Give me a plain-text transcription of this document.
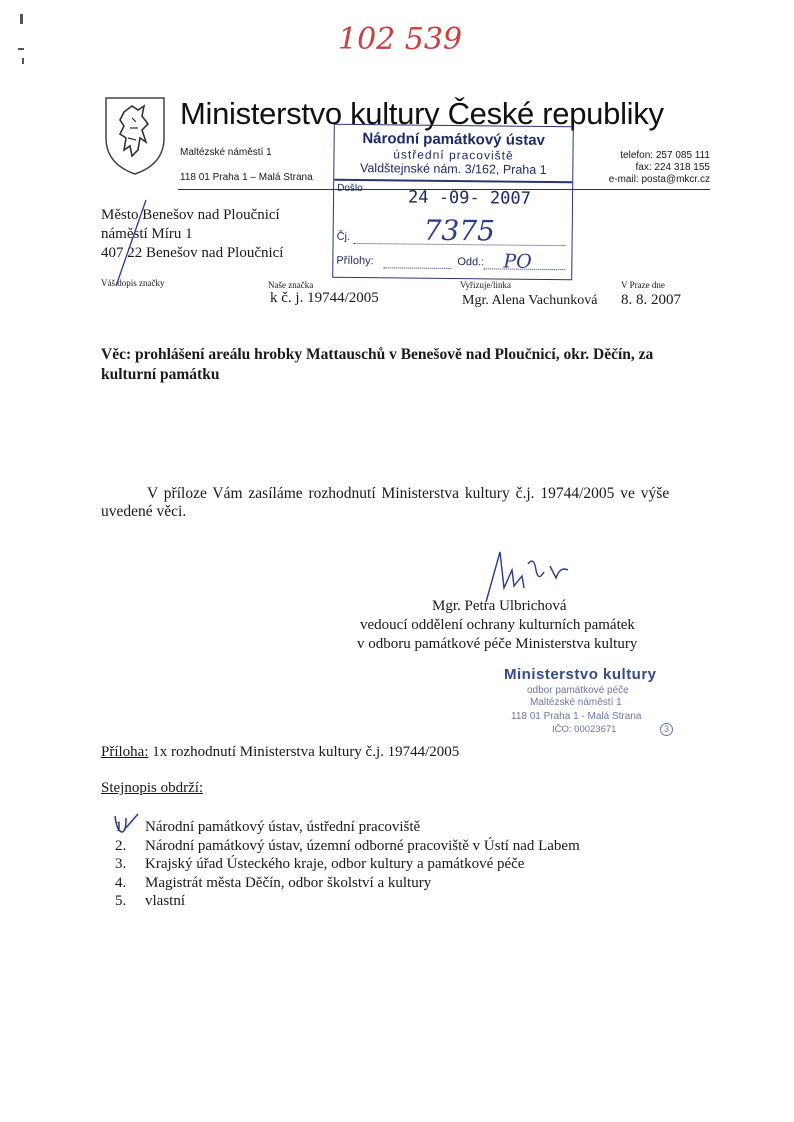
102 539
Ministerstvo kultury České republiky
Maltézské náměstí 1
118 01 Praha 1 – Malá Strana
telefon: 257 085 111
fax: 224 318 155
e-mail: posta@mkcr.cz
Národní památkový ústav
ústřední pracoviště
Valdštejnské nám. 3/162, Praha 1
Došlo	24 -09- 2007
Čj.	7375
Přílohy:	Odd.: PO
Město Benešov nad Ploučnicí
náměstí Míru 1
407 22 Benešov nad Ploučnicí
Váš dopis značky	Naše značka
k č. j. 19744/2005
Vyřizuje/linka
Mgr. Alena Vachunková
V Praze dne
8. 8. 2007
Věc: prohlášení areálu hrobky Mattauschů v Benešově nad Ploučnicí, okr. Děčín, za
kulturní památku
V příloze Vám zasíláme rozhodnutí Ministerstva kultury č.j. 19744/2005 ve výše
uvedené věci.
Mgr. Petra Ulbrichová
vedoucí oddělení ochrany kulturních památek
v odboru památkové péče Ministerstva kultury
Ministerstvo kultury
odbor památkové péče
Maltézské náměstí 1
118 01 Praha 1 - Malá Strana
IČO: 00023671	3
Příloha: 1x rozhodnutí Ministerstva kultury č.j. 19744/2005
Stejnopis obdrží:
1. Národní památkový ústav, ústřední pracoviště
2. Národní památkový ústav, územní odborné pracoviště v Ústí nad Labem
3. Krajský úřad Ústeckého kraje, odbor kultury a památkové péče
4. Magistrát města Děčín, odbor školství a kultury
5. vlastní
